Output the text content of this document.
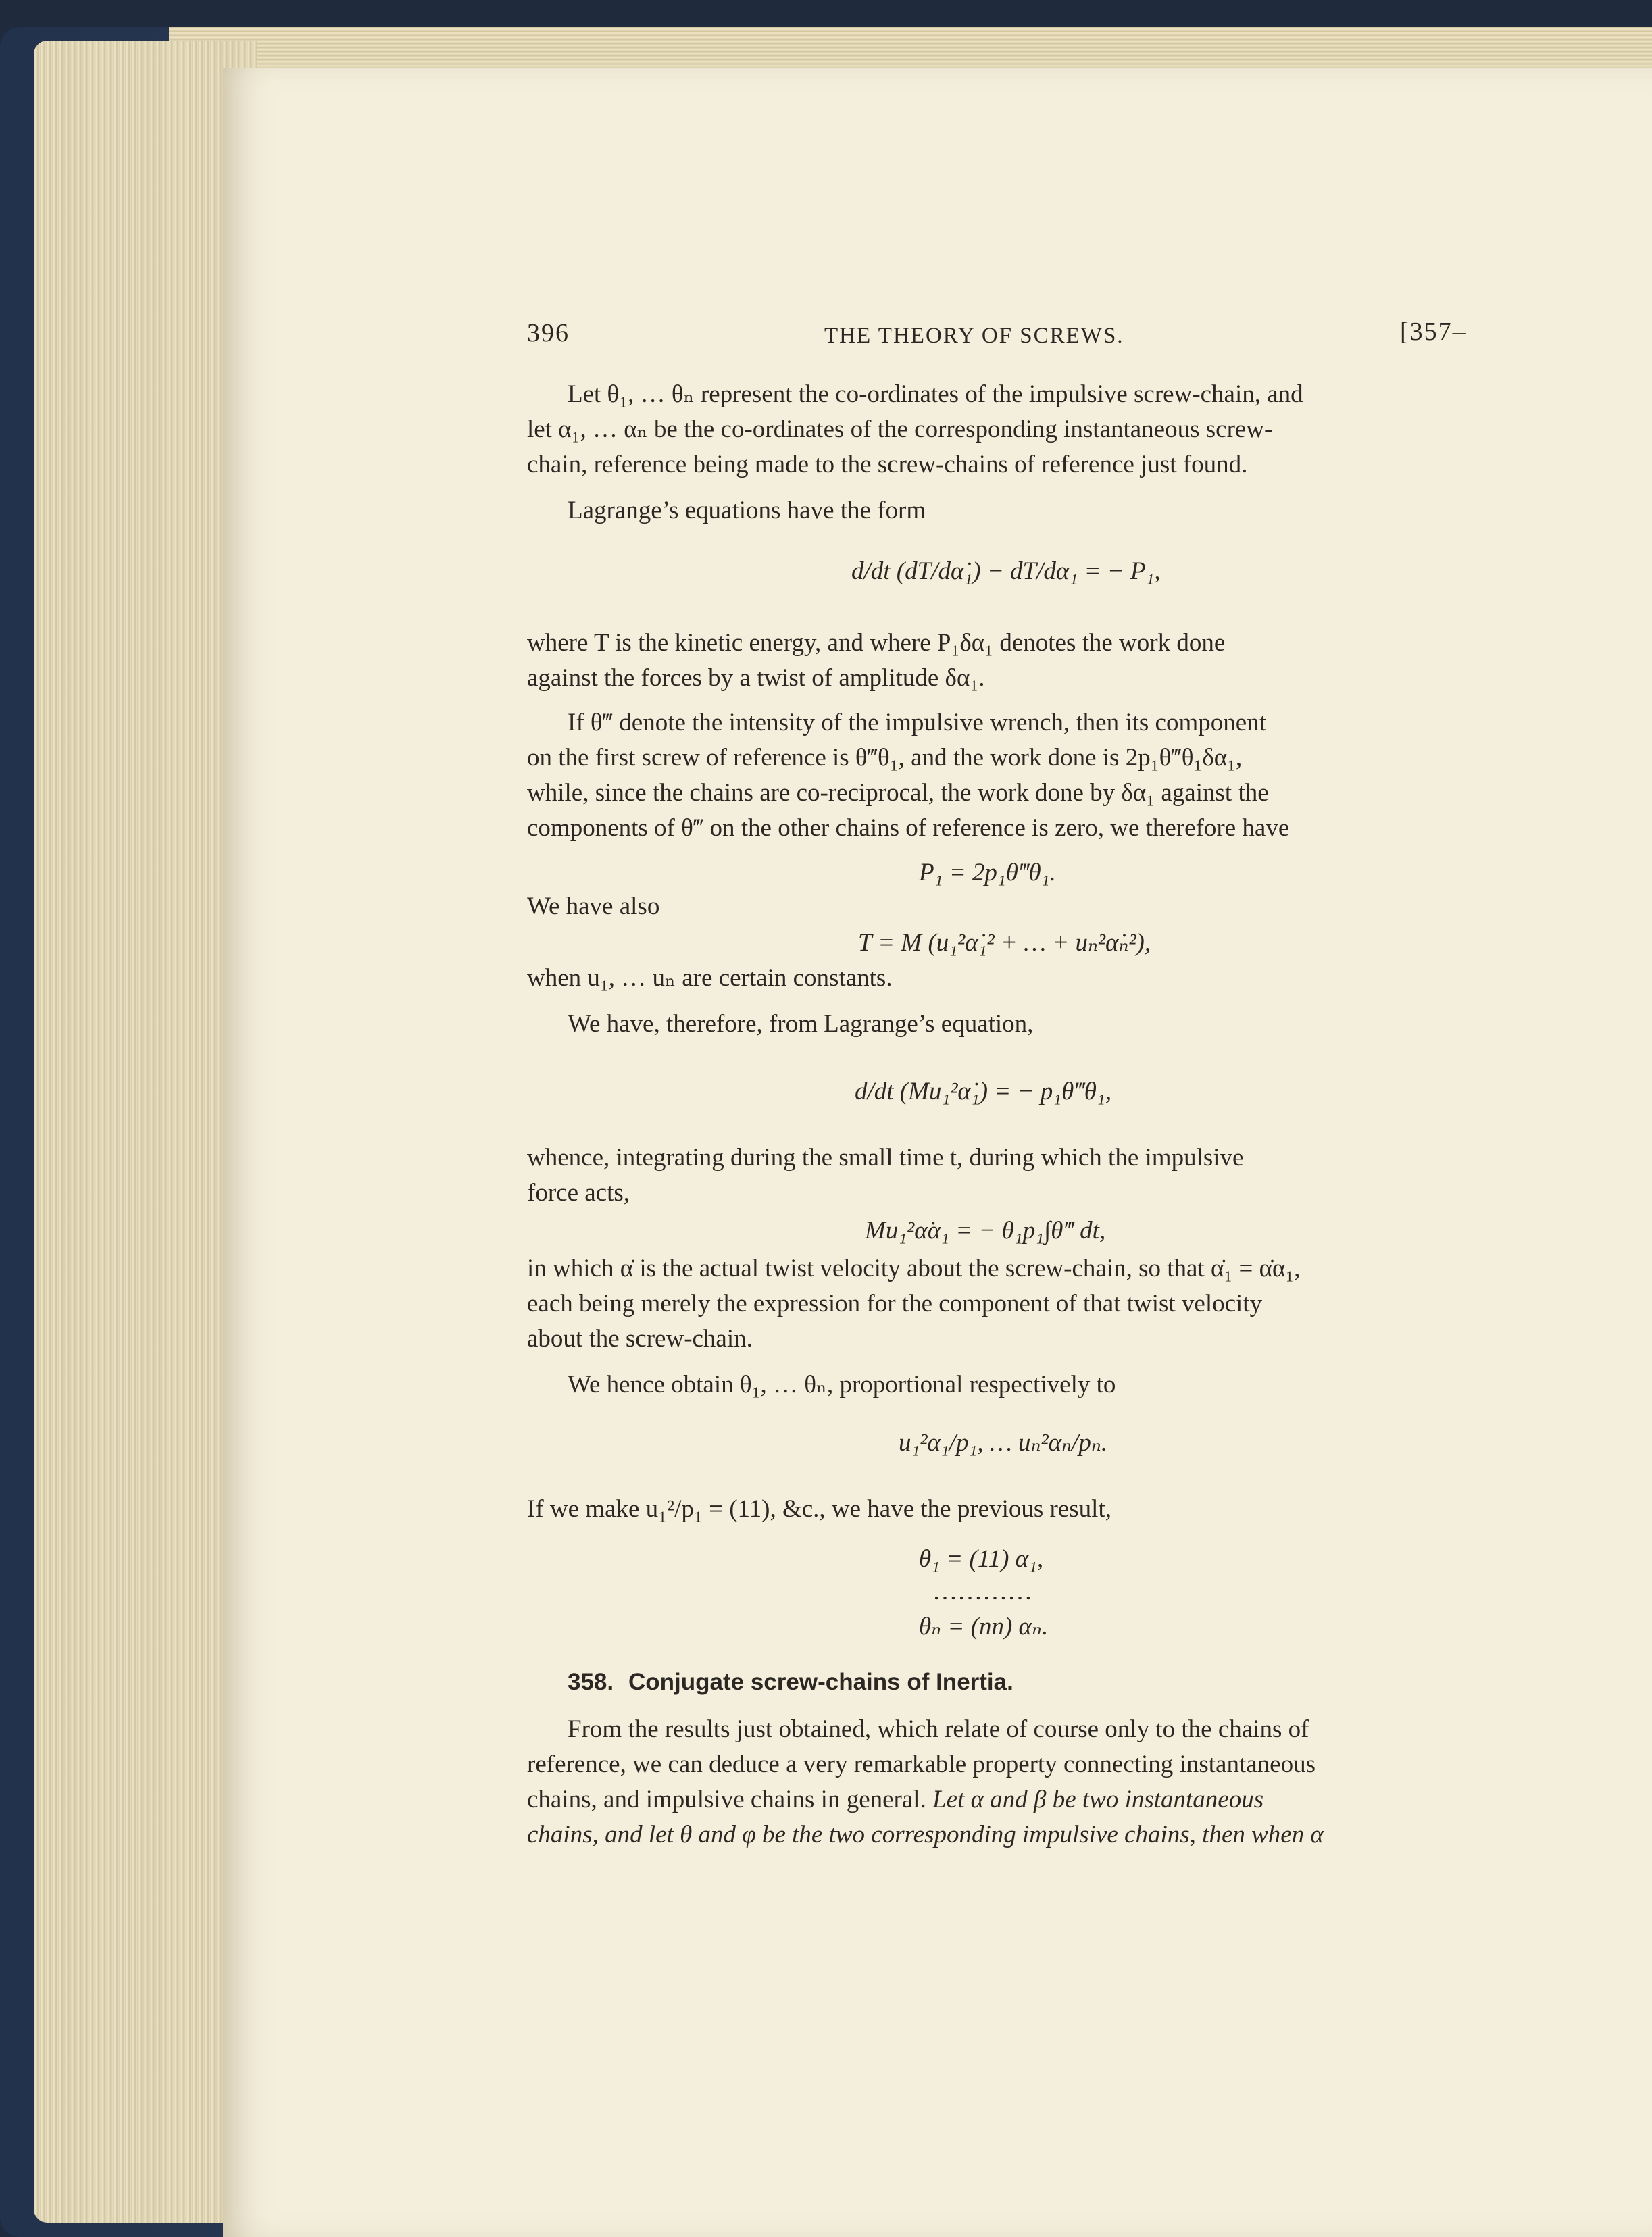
396	THE THEORY OF SCREWS.	[357–
Let θ₁, … θₙ represent the co-ordinates of the impulsive screw-chain, and
let α₁, … αₙ be the co-ordinates of the corresponding instantaneous screw-
chain, reference being made to the screw-chains of reference just found.
Lagrange’s equations have the form
d/dt (dT/dα̇₁) − dT/dα₁ = − P₁,
where T is the kinetic energy, and where P₁δα₁ denotes the work done
against the forces by a twist of amplitude δα₁.
If θ‴ denote the intensity of the impulsive wrench, then its component
on the first screw of reference is θ‴θ₁, and the work done is 2p₁θ‴θ₁δα₁,
while, since the chains are co-reciprocal, the work done by δα₁ against the
components of θ‴ on the other chains of reference is zero, we therefore have
P₁ = 2p₁θ‴θ₁.
We have also
T = M (u₁²α̇₁² + … + uₙ²α̇ₙ²),
when u₁, … uₙ are certain constants.
We have, therefore, from Lagrange’s equation,
d/dt (Mu₁²α̇₁) = − p₁θ‴θ₁,
whence, integrating during the small time t, during which the impulsive
force acts,
Mu₁²α̇α₁ = − θ₁p₁∫θ‴ dt,
in which α̇ is the actual twist velocity about the screw-chain, so that α̇₁ = α̇α₁,
each being merely the expression for the component of that twist velocity
about the screw-chain.
We hence obtain θ₁, … θₙ, proportional respectively to
u₁²α₁/p₁, … uₙ²αₙ/pₙ.
If we make u₁²/p₁ = (11), &c., we have the previous result,
θ₁ = (11) α₁,
…………
θₙ = (nn) αₙ.
358. Conjugate screw-chains of Inertia.
From the results just obtained, which relate of course only to the chains of
reference, we can deduce a very remarkable property connecting instantaneous
chains, and impulsive chains in general. Let α and β be two instantaneous
chains, and let θ and φ be the two corresponding impulsive chains, then when α
